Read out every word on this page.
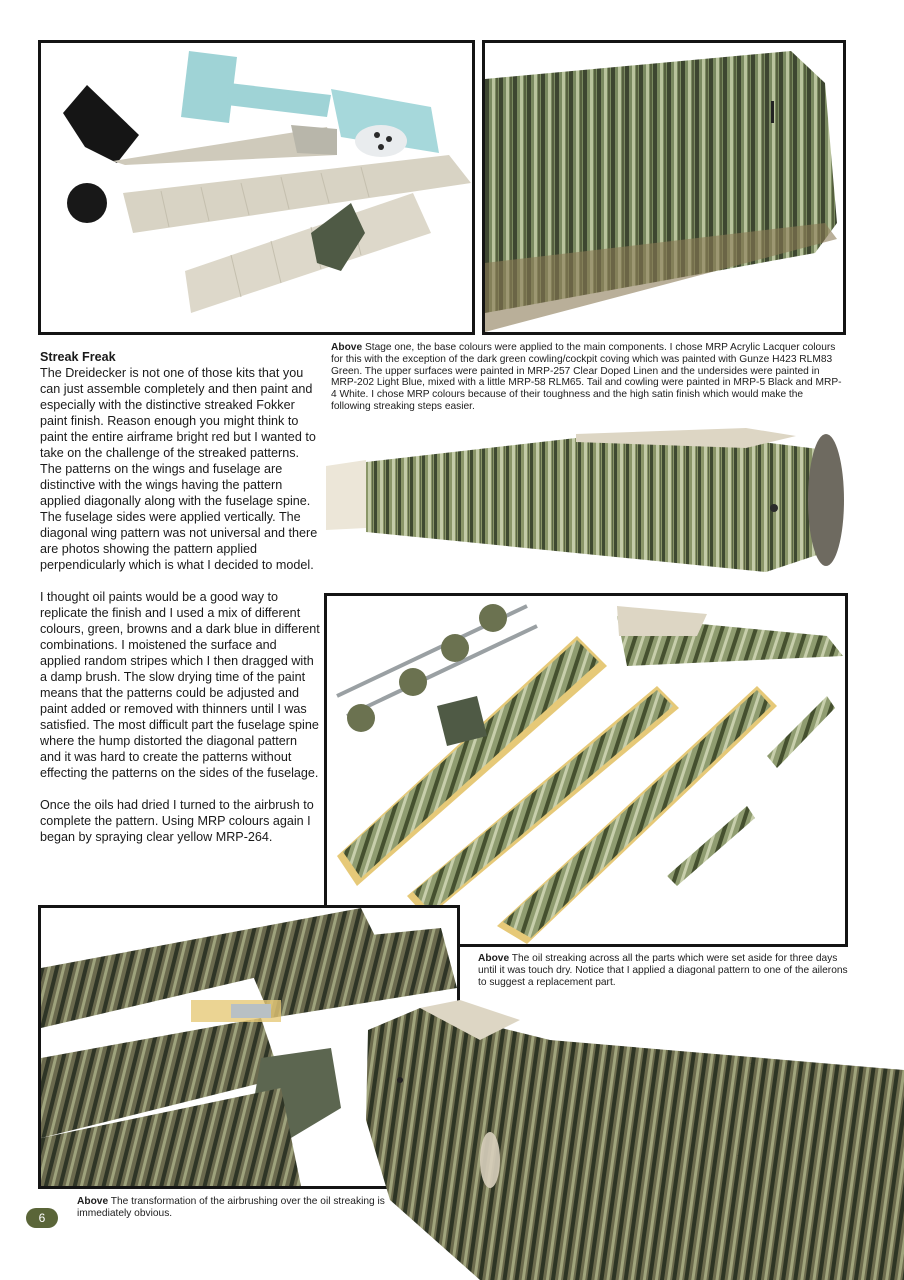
Above Stage one, the base colours were applied to the main components. I chose MRP Acrylic Lacquer colours for this with the exception of the dark green cowling/cockpit coving which was painted with Gunze H423 RLM83 Green. The upper surfaces were painted in MRP-257 Clear Doped Linen and the undersides were painted in MRP-202 Light Blue, mixed with a little MRP-58 RLM65. Tail and cowling were painted in MRP-5 Black and MRP-4 White. I chose MRP colours because of their toughness and the high satin finish which would make the following streaking steps easier.
Streak Freak

The Dreidecker is not one of those kits that you can just assemble completely and then paint and especially with the distinctive streaked Fokker paint finish. Reason enough you might think to paint the entire airframe bright red but I wanted to take on the challenge of the streaked patterns. The patterns on the wings and fuselage are distinctive with the wings having the pattern applied diagonally along with the fuselage spine. The fuselage sides were applied vertically. The diagonal wing pattern was not universal and there are photos showing the pattern applied perpendicularly which is what I decided to model.

I thought oil paints would be a good way to replicate the finish and I used a mix of different colours, green, browns and a dark blue in different combinations. I moistened the surface and applied random stripes which I then dragged with a damp brush. The slow drying time of the paint means that the patterns could be adjusted and paint added or removed with thinners until I was satisfied. The most difficult part the fuselage spine where the hump distorted the diagonal pattern and it was hard to create the patterns without effecting the patterns on the sides of the fuselage.

Once the oils had dried I turned to the airbrush to complete the pattern. Using MRP colours again I began by spraying clear yellow MRP-264.

Above The oil streaking across all the parts which were set aside for three days until it was touch dry. Notice that I applied a diagonal pattern to one of the ailerons to suggest a replacement part.
Above The transformation of the airbrushing over the oil streaking is immediately obvious.
6
